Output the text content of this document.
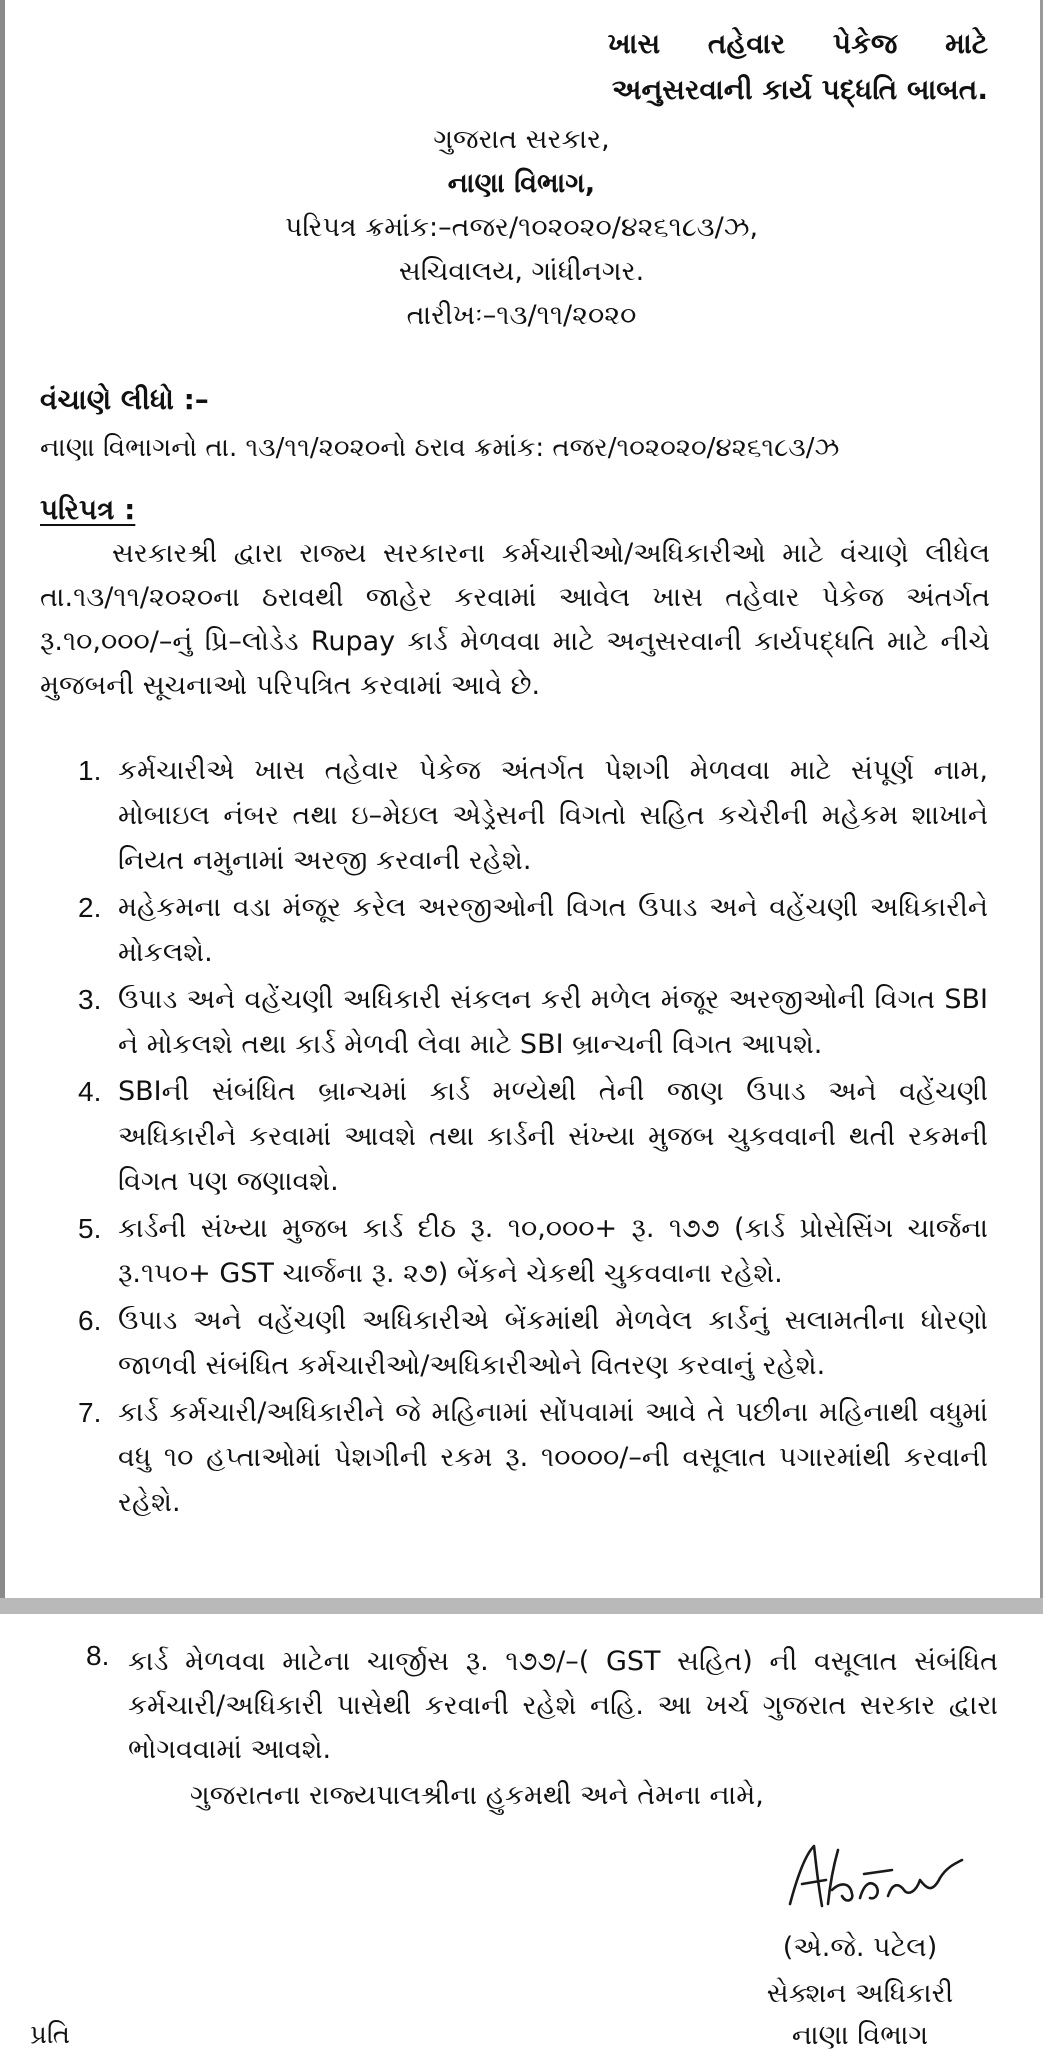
ખાસ તહેવાર પેકેજ માટે
અનુસરવાની કાર્ય પદ્ધતિ બાબત.
ગુજરાત સરકાર,
નાણા વિભાગ,
પરિપત્ર ક્રમાંક:–તજર/૧૦૨૦૨૦/૪૨૬૧૮૩/ઝ,
સચિવાલય, ગાંધીનગર.
તારીખઃ–૧૩/૧૧/૨૦૨૦
વંચાણે લીધો :–
નાણા વિભાગનો તા. ૧૩/૧૧/૨૦૨૦નો ઠરાવ ક્રમાંક: તજર/૧૦૨૦૨૦/૪૨૬૧૮૩/ઝ
પરિપત્ર :
સરકારશ્રી દ્વારા રાજ્ય સરકારના કર્મચારીઓ/અધિકારીઓ માટે વંચાણે લીધેલ તા.૧૩/૧૧/૨૦૨૦ના ઠરાવથી જાહેર કરવામાં આવેલ ખાસ તહેવાર પેકેજ અંતર્ગત રૂ.૧૦,૦૦૦/–નું પ્રિ–લોડેડ Rupay કાર્ડ મેળવવા માટે અનુસરવાની કાર્યપદ્ધતિ માટે નીચે મુજબની સૂચનાઓ પરિપત્રિત કરવામાં આવે છે.
1. કર્મચારીએ ખાસ તહેવાર પેકેજ અંતર્ગત પેશગી મેળવવા માટે સંપૂર્ણ નામ, મોબાઇલ નંબર તથા ઇ–મેઇલ એડ્રેસની વિગતો સહિત કચેરીની મહેકમ શાખાને નિયત નમુનામાં અરજી કરવાની રહેશે.
2. મહેકમના વડા મંજૂર કરેલ અરજીઓની વિગત ઉપાડ અને વહેંચણી અધિકારીને મોકલશે.
3. ઉપાડ અને વહેંચણી અધિકારી સંકલન કરી મળેલ મંજૂર અરજીઓની વિગત SBI ને મોકલશે તથા કાર્ડ મેળવી લેવા માટે SBI બ્રાન્ચની વિગત આપશે.
4. SBIની સંબંધિત બ્રાન્ચમાં કાર્ડ મળ્યેથી તેની જાણ ઉપાડ અને વહેંચણી અધિકારીને કરવામાં આવશે તથા કાર્ડની સંખ્યા મુજબ ચુકવવાની થતી રકમની વિગત પણ જણાવશે.
5. કાર્ડની સંખ્યા મુજબ કાર્ડ દીઠ રૂ. ૧૦,૦૦૦+ રૂ. ૧૭૭ (કાર્ડ પ્રોસેસિંગ ચાર્જના રૂ.૧૫૦+ GST ચાર્જના રૂ. ૨૭) બેંકને ચેકથી ચુકવવાના રહેશે.
6. ઉપાડ અને વહેંચણી અધિકારીએ બેંકમાંથી મેળવેલ કાર્ડનું સલામતીના ધોરણો જાળવી સંબંધિત કર્મચારીઓ/અધિકારીઓને વિતરણ કરવાનું રહેશે.
7. કાર્ડ કર્મચારી/અધિકારીને જે મહિનામાં સોંપવામાં આવે તે પછીના મહિનાથી વધુમાં વધુ ૧૦ હપ્તાઓમાં પેશગીની રકમ રૂ. ૧૦૦૦૦/–ની વસૂલાત પગારમાંથી કરવાની રહેશે.
8. કાર્ડ મેળવવા માટેના ચાર્જીસ રૂ. ૧૭૭/–( GST સહિત) ની વસૂલાત સંબંધિત કર્મચારી/અધિકારી પાસેથી કરવાની રહેશે નહિ. આ ખર્ચ ગુજરાત સરકાર દ્વારા ભોગવવામાં આવશે.
ગુજરાતના રાજ્યપાલશ્રીના હુકમથી અને તેમના નામે,
(એ.જે. પટેલ)
સેક્શન અધિકારી
નાણા વિભાગ
પ્રતિ
